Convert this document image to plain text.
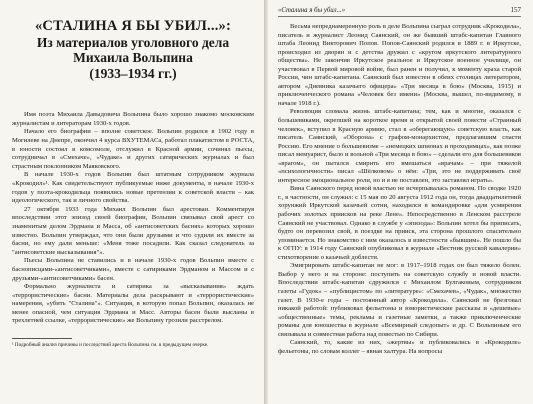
«СТАЛИНА Я БЫ УБИЛ...»:
Из материалов уголовного дела
Михаила Вольпина
(1933–1934 гг.)

Имя поэта Михаила Давыдовича Вольпина было хорошо знакомо московским журналистам и литераторам 1930-х годов.

Начало его биографии – вполне советское. Вольпин родился в 1902 году в Могилеве на Днепре, окончил 4 курса ВХУТЕМАСа, работал плакатистом в РОСТА, в юности состоял в комсомоле, отслужил в Красной армии, сочинял пьесы, сотрудничал в «Смехаче», «Чудаке» и других сатирических журналах и был страстным поклонником Маяковского.

В начале 1930-х годов Вольпин был штатным сотрудником журнала «Крокодил»¹. Как свидетельствуют публикуемые ниже документы, в начале 1930-х годов у поэта-крокодильца появились новые претензии к советской власти – как идеологического, так и личного свойства.

27 октября 1933 года Михаил Вольпин был арестован. Комментируя впоследствии этот эпизод своей биографии, Вольпин связывал свой арест со знаменитым делом Эрдмана и Масса, об «антисоветских баснях» которых хорошо известно. Вольпин утверждал, что они были друзьями и что судили их вместе за басни, но ему дали меньше: «Меня тоже посадили. Как сказал следователь за "антисоветские высказывания"».

Пьесы Вольпина не ставились и в начале 1930-х годов Вольпин вместе с баснописцами-«антисоветчиками», вместе с сатириками Эрдманом и Массом и с друзьями-«антисоветчиками» басен.

Формально журналиста и сатирика за «высказывания» ждать «террористические» басни. Материалы дела раскрывают и «террористические» намерения, «убить "Сталина"». Ситуация, в которую попал Вольпин, оказалась не менее опасной, чем ситуация Эрдмана и Масс. Авторы басен были высланы в трехлетней ссылке, «террористические» же Вольпину грозили расстрелом.

¹ Подробный анализ причины и последствий ареста Вольпина см. в предыдущем очерке.
«Сталина я бы убил...»	157

Весьма непреднамеренную роль в деле Вольпина сыграл сотрудник «Крокодила», писатель и журналист Леонид Саянский, он же бывший штабс-капитан Главного штаба Леонид Викторович Попов. Попов-Саянский родился в 1889 г. в Иркутске, происходил из дворян и с детства дружил с «кругом иркутского литературного общества». Не закончив Иркутское реальное и Иркутское военное училище, он участвовал в Первой мировой войне, был ранен и получил, к моменту краха старой России, чин штабс-капитана. Саянский был известен в обеих столицах литератором, автором «Дневника казачьего офицера» «Три месяца в бою» (Москва, 1915) и приключенческого романа «Человек без имени» (Москва, вышел, по-видимому, в начале 1918 г.).

Революция сломала жизнь штабс-капитана; тем, как и многие, оказался с большевиками, окрепшей на короткое время и открытой своей повести «Странный человек», вступил в Красную армию, стал в «оберегающую» советскую власть, как писатель Саянский, «Оборона» с графом-монархистом, предлагавшим спасти Россию. Его мнение о большевизме – «немецких шпионах и проходимцах», как позже писал мемуарист, было и вольной «Три месяца в бою» – сделали его для большевиков «врагом», он пытался смирить его вмешаться «врачам» – при тяжелой «психологичности» писал «Шёлковом» о нём: «Три, это не поддерживать своё интересное эмоциональное роли, но и я не поставлен, это заставлял играть».

Вина Саянского перед новой властью не исчерпывалась романом. По сводке 1920 г., в частности, он служил: с 15 мая по 20 августа 1912 года он, тогда двадцатилетний хорунжий Иркутской казачьей сотни, находился в командировке «для усмирения рабочих золотых приисков на реке Лене». Непосредственно в Ленском расстреле Саянский не участвовал. Однако в службе у «эпизода»: Вольпин хотел бы приписать, будто он перевозил свой, в поездке на прииск, эта сторона прошлого спасительно упоминается. Но знакомство с ним оказалось в известности «бывшим». Не пошло бы к ОГПУ: в 1914 году Саянский опубликовал в журнале «Вестник русской кавалерии» стихотворение о казачьей доблести.

Эмигрировать штабс-капитан не мог: в 1917–1918 годах он был тяжело болен. Выбор у него и на стороне: поступить на советскую службу и новой власти. Впоследствии штабс-капитан сдружился с Михаилом Булгаковым, сотрудником газеты «Гудок» – «публицистом» по «литературе»: «Смехачев», «Чудак», множество газет. В 1930-е годы – постоянный автор «Крокодила». Саянский не брезговал никакой работой: публиковал фельетоны и юмористические рассказы и «дешевые» «общественные» темы, рекламы и газетные заметки, а также приключенческие романы для юношества в журнале «Всемирный следопыт» и др. С Вольпиным его связывала и совместная работа над повестью по Сибири.

Саянский, то, какие из них, «жертвы» и публиковались в «Крокодиле» фельетоны, по словам коллег – явная халтура. На вопросы
